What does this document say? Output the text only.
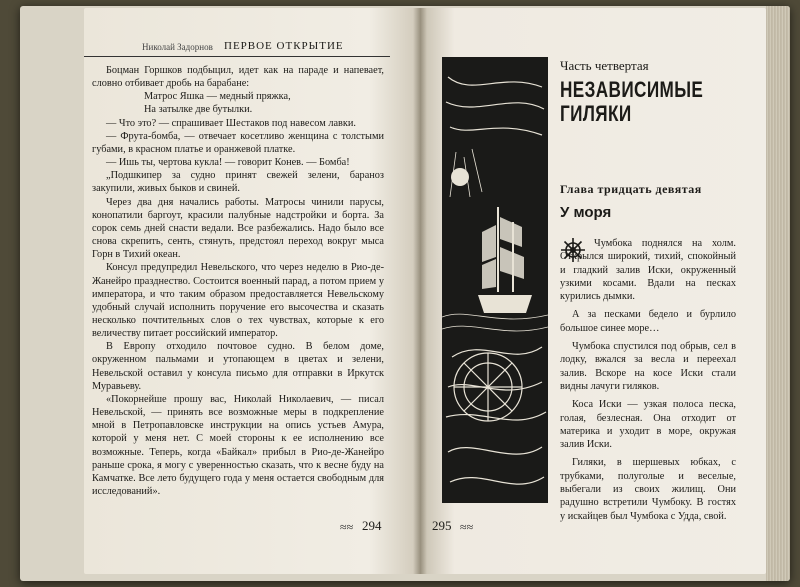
Николай Задорнов ПЕРВОЕ ОТКРЫТИЕ

Боцман Горшков подбыцил, идет как на параде и напевает, словно отбивает дробь на барабане:

Матрос Яшка — медный пряжка,

На затылке две бутылки.

— Что это? — спрашивает Шестаков под навесом лавки.

— Фрута-бомба, — отвечает косетливо женщина с толстыми губами, в красном платье и оранжевой платке.

— Ишь ты, чертова кукла! — говорит Конев. — Бомба!

„Подшкипер за судно принят свежей зелени, бараноз закупили, живых быков и свиней.

Через два дня начались работы. Матросы чинили парусы, конопатили баргоут, красили палубные надстройки и борта. За сорок семь дней снасти ведали. Все разбежались. Надо было все снова скрепить, сенть, стянуть, предстоял переход вокруг мыса Горн в Тихий океан.

Консул предупредил Невельского, что через неделю в Рио-де-Жанейро празднество. Состоится военный парад, а потом прием у императора, и что таким образом предоставляется Невельскому удобный случай исполнить поручение его высочества и сказать несколько почтительных слов о тех чувствах, которые к его величеству питает российский император.

В Европу отходило почтовое судно. В белом доме, окруженном пальмами и утопающем в цветах и зелени, Невельской оставил у консула письмо для отправки в Иркутск Муравьеву.

«Покорнейше прошу вас, Николай Николаевич, — писал Невельской, — принять все возможные меры в подкрепление мной в Петропавловске инструкции на опись устьев Амура, которой у меня нет. С моей стороны к ее исполнению все возможные. Теперь, когда «Байкал» прибыл в Рио-де-Жанейро раньше срока, я могу с уверенностью сказать, что к весне буду на Камчатке. Все лето будущего года у меня остается свободным для исследований».

≈≈ 294
Часть четвертая
НЕЗАВИСИМЫЕ
ГИЛЯКИ
Глава тридцать девятая
У моря

Чумбока поднялся на холм. Открылся широкий, тихий, спокойный и гладкий залив Иски, окруженный узкими косами. Вдали на песках курились дымки.

А за песками бедело и бурлило большое синее море…

Чумбока спустился под обрыв, сел в лодку, вжался за весла и переехал залив. Вскоре на косе Иски стали видны лачуги гиляков.

Коса Иски — узкая полоса песка, голая, безлесная. Она отходит от материка и уходит в море, окружая залив Иски.

Гиляки, в шершевых юбках, с трубками, полуголые и веселые, выбегали из своих жилищ. Они радушно встретили Чумбоку. В гостях у искайцев был Чумбока с Удда, свой.

295 ≈≈
